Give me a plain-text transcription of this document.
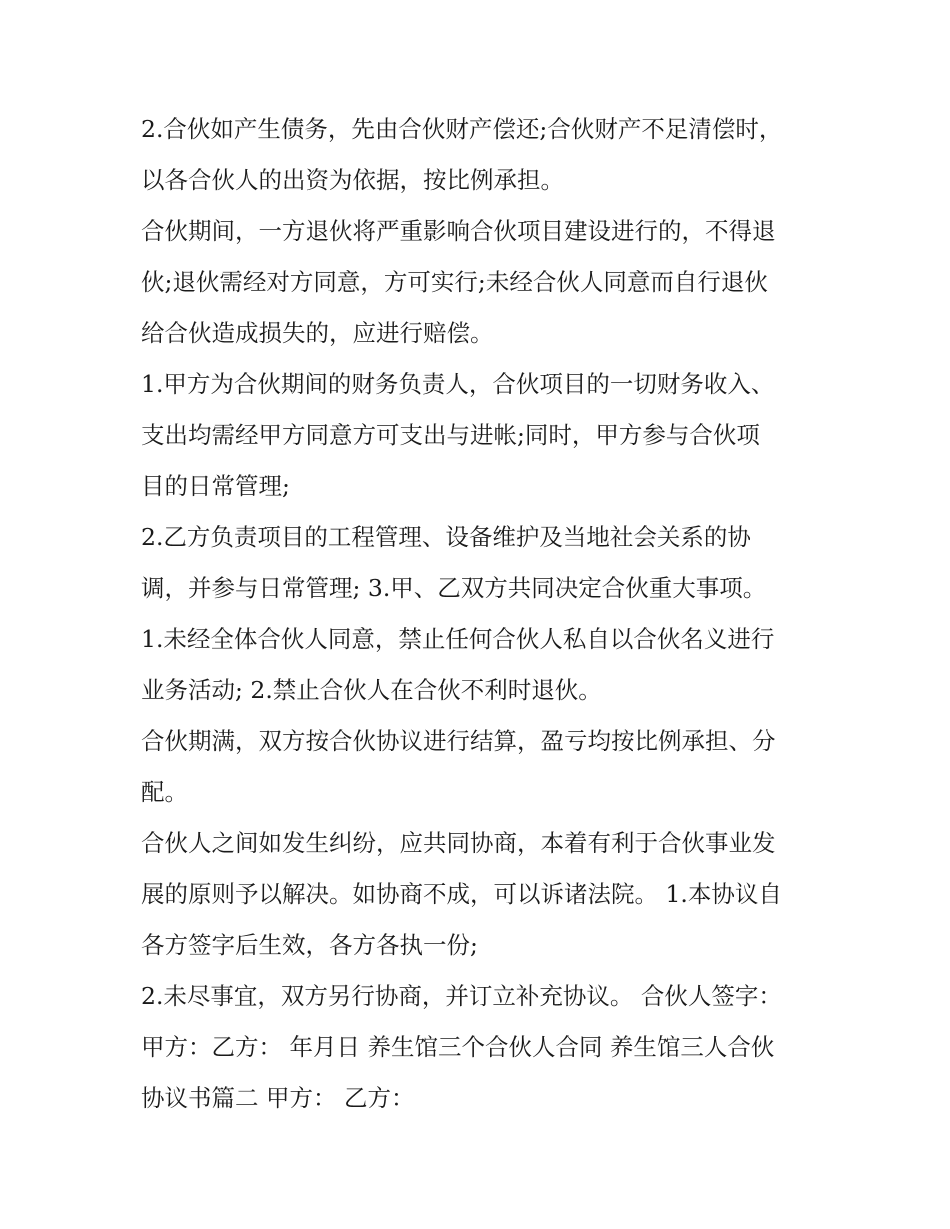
2.合伙如产生债务，先由合伙财产偿还;合伙财产不足清偿时，
以各合伙人的出资为依据，按比例承担。
合伙期间，一方退伙将严重影响合伙项目建设进行的，不得退
伙;退伙需经对方同意，方可实行;未经合伙人同意而自行退伙
给合伙造成损失的，应进行赔偿。
1.甲方为合伙期间的财务负责人，合伙项目的一切财务收入、
支出均需经甲方同意方可支出与进帐;同时，甲方参与合伙项
目的日常管理;
2.乙方负责项目的工程管理、设备维护及当地社会关系的协
调，并参与日常管理; 3.甲、乙双方共同决定合伙重大事项。
1.未经全体合伙人同意，禁止任何合伙人私自以合伙名义进行
业务活动; 2.禁止合伙人在合伙不利时退伙。
合伙期满，双方按合伙协议进行结算，盈亏均按比例承担、分
配。
合伙人之间如发生纠纷，应共同协商，本着有利于合伙事业发
展的原则予以解决。如协商不成，可以诉诸法院。 1.本协议自
各方签字后生效，各方各执一份;
2.未尽事宜，双方另行协商，并订立补充协议。 合伙人签字：
甲方：乙方： 年月日 养生馆三个合伙人合同 养生馆三人合伙
协议书篇二 甲方： 乙方：
